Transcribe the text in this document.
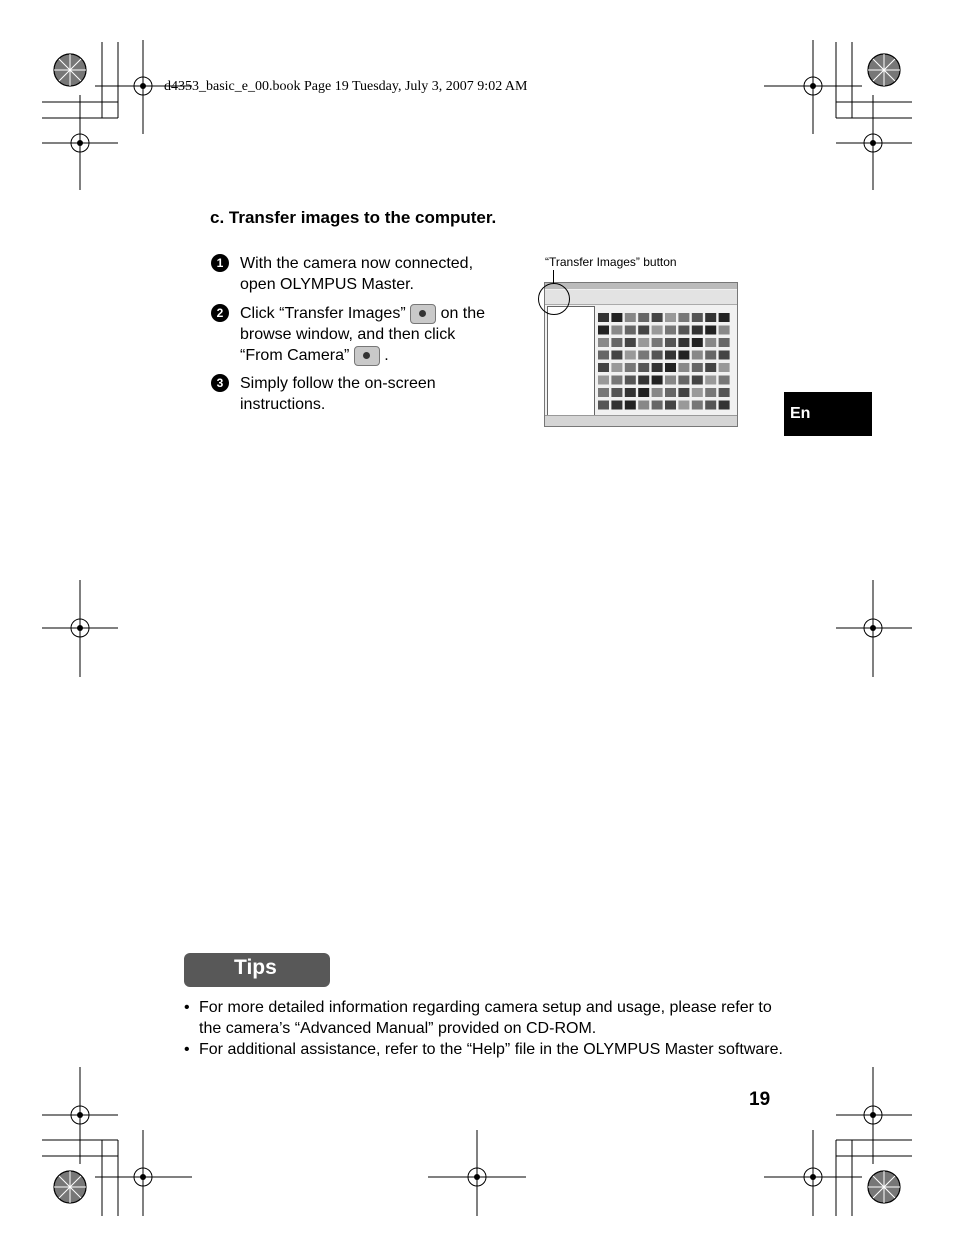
d4353_basic_e_00.book Page 19 Tuesday, July 3, 2007 9:02 AM
c. Transfer images to the computer.
1	With the camera now connected, open OLYMPUS Master.
2	Click “Transfer Images” on the browse window, and then click “From Camera” .
3	Simply follow the on-screen instructions.
“Transfer Images” button
En
Tips
• For more detailed information regarding camera setup and usage, please refer to the camera’s “Advanced Manual” provided on CD-ROM.
• For additional assistance, refer to the “Help” file in the OLYMPUS Master software.
19
